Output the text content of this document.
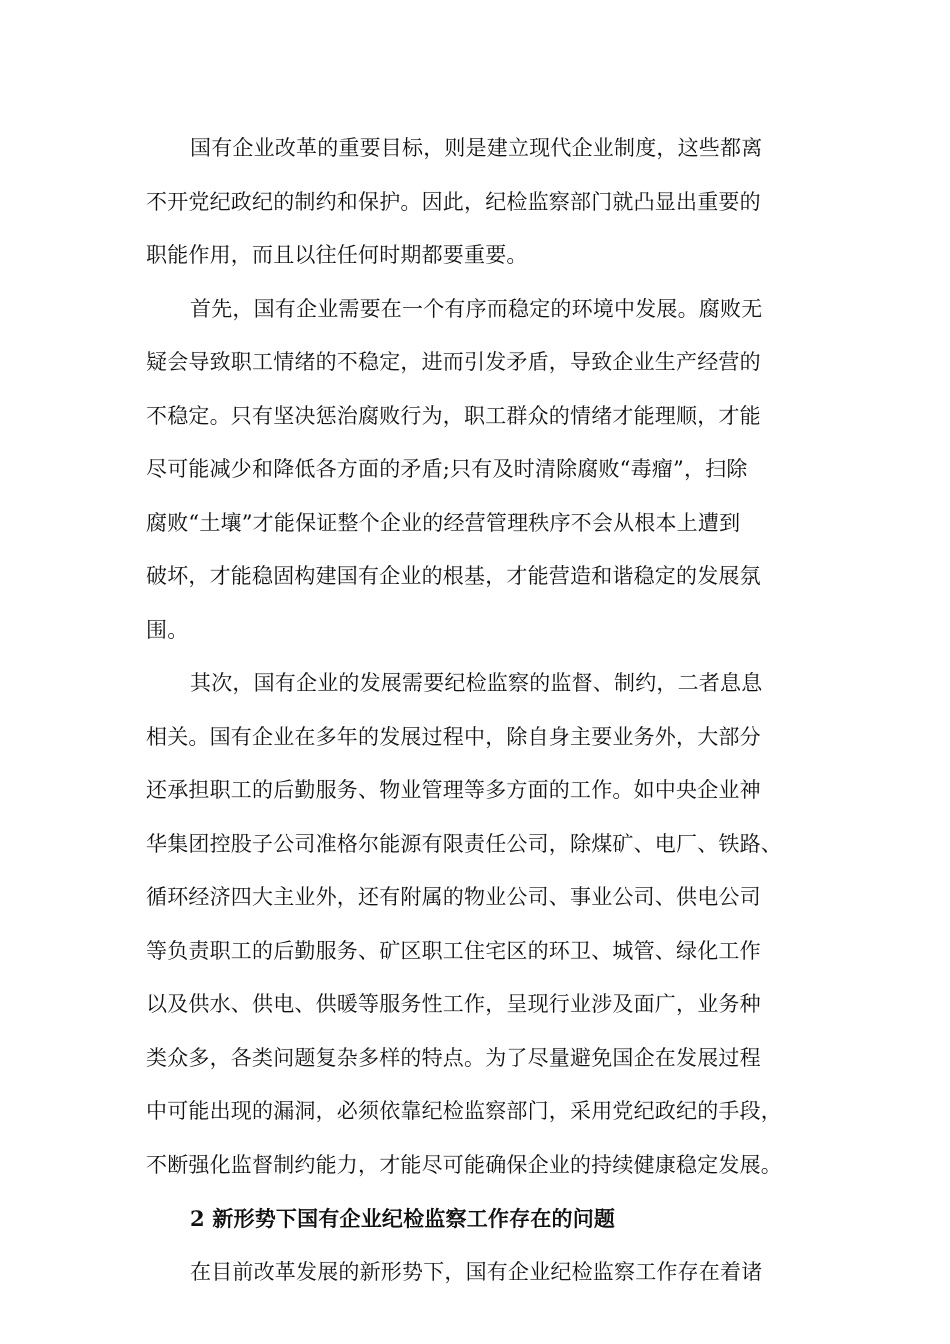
国有企业改革的重要目标，则是建立现代企业制度，这些都离
不开党纪政纪的制约和保护。因此，纪检监察部门就凸显出重要的
职能作用，而且以往任何时期都要重要。

首先，国有企业需要在一个有序而稳定的环境中发展。腐败无
疑会导致职工情绪的不稳定，进而引发矛盾，导致企业生产经营的
不稳定。只有坚决惩治腐败行为，职工群众的情绪才能理顺，才能
尽可能减少和降低各方面的矛盾;只有及时清除腐败“毒瘤”，扫除
腐败“土壤”才能保证整个企业的经营管理秩序不会从根本上遭到
破坏，才能稳固构建国有企业的根基，才能营造和谐稳定的发展氛
围。

其次，国有企业的发展需要纪检监察的监督、制约，二者息息
相关。国有企业在多年的发展过程中，除自身主要业务外，大部分
还承担职工的后勤服务、物业管理等多方面的工作。如中央企业神
华集团控股子公司准格尔能源有限责任公司，除煤矿、电厂、铁路、
循环经济四大主业外，还有附属的物业公司、事业公司、供电公司
等负责职工的后勤服务、矿区职工住宅区的环卫、城管、绿化工作
以及供水、供电、供暖等服务性工作，呈现行业涉及面广，业务种
类众多，各类问题复杂多样的特点。为了尽量避免国企在发展过程
中可能出现的漏洞，必须依靠纪检监察部门，采用党纪政纪的手段，
不断强化监督制约能力，才能尽可能确保企业的持续健康稳定发展。

2 新形势下国有企业纪检监察工作存在的问题

在目前改革发展的新形势下，国有企业纪检监察工作存在着诸
